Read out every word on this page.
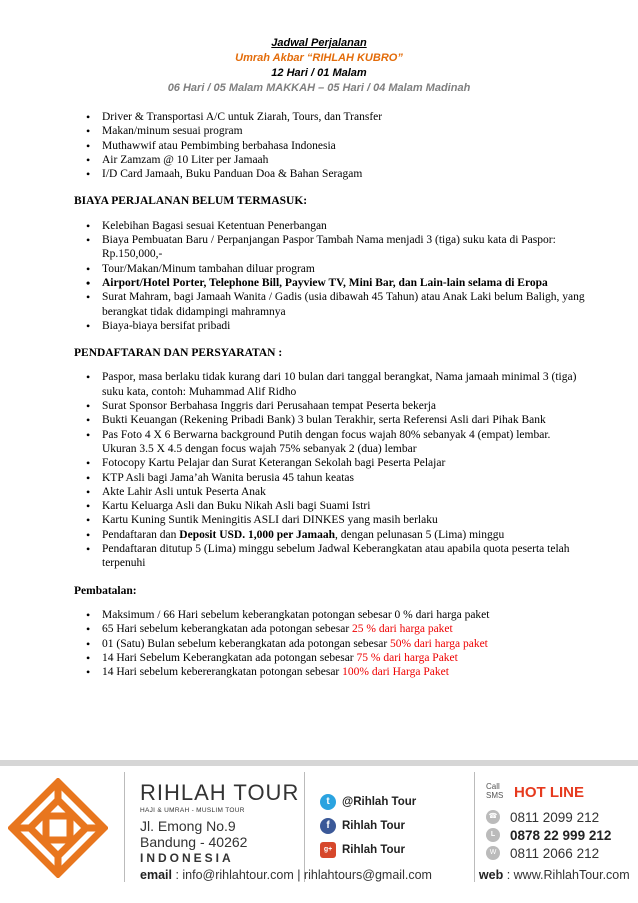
Jadwal Perjalanan
Umrah Akbar “RIHLAH KUBRO”
12 Hari / 01 Malam
06 Hari / 05 Malam MAKKAH – 05 Hari / 04 Malam Madinah
• Driver & Transportasi A/C untuk Ziarah, Tours, dan Transfer
• Makan/minum sesuai program
• Muthawwif atau Pembimbing berbahasa Indonesia
• Air Zamzam @ 10 Liter per Jamaah
• I/D Card Jamaah, Buku Panduan Doa & Bahan Seragam
BIAYA PERJALANAN BELUM TERMASUK:
• Kelebihan Bagasi sesuai Ketentuan Penerbangan
• Biaya Pembuatan Baru / Perpanjangan Paspor Tambah Nama menjadi 3 (tiga) suku kata di Paspor: Rp.150,000,-
• Tour/Makan/Minum tambahan diluar program
• Airport/Hotel Porter, Telephone Bill, Payview TV, Mini Bar, dan Lain-lain selama di Eropa
• Surat Mahram, bagi Jamaah Wanita / Gadis (usia dibawah 45 Tahun) atau Anak Laki belum Baligh, yang berangkat tidak didampingi mahramnya
• Biaya-biaya bersifat pribadi
PENDAFTARAN DAN PERSYARATAN :
• Paspor, masa berlaku tidak kurang dari 10 bulan dari tanggal berangkat, Nama jamaah minimal 3 (tiga) suku kata, contoh: Muhammad Alif Ridho
• Surat Sponsor Berbahasa Inggris dari Perusahaan tempat Peserta bekerja
• Bukti Keuangan (Rekening Pribadi Bank) 3 bulan Terakhir, serta Referensi Asli dari Pihak Bank
• Pas Foto 4 X 6 Berwarna background Putih dengan focus wajah 80% sebanyak 4 (empat) lembar. Ukuran 3.5 X 4.5 dengan focus wajah 75% sebanyak 2 (dua) lembar
• Fotocopy Kartu Pelajar dan Surat Keterangan Sekolah bagi Peserta Pelajar
• KTP Asli bagi Jama’ah Wanita berusia 45 tahun keatas
• Akte Lahir Asli untuk Peserta Anak
• Kartu Keluarga Asli dan Buku Nikah Asli bagi Suami Istri
• Kartu Kuning Suntik Meningitis ASLI dari DINKES yang masih berlaku
• Pendaftaran dan Deposit USD. 1,000 per Jamaah, dengan pelunasan 5 (Lima) minggu
• Pendaftaran ditutup 5 (Lima) minggu sebelum Jadwal Keberangkatan atau apabila quota peserta telah terpenuhi
Pembatalan:
• Maksimum / 66 Hari sebelum keberangkatan potongan sebesar 0 % dari harga paket
• 65 Hari sebelum keberangkatan ada potongan sebesar 25 % dari harga paket
• 01 (Satu) Bulan sebelum keberangkatan ada potongan sebesar 50% dari harga paket
• 14 Hari Sebelum Keberangkatan ada potongan sebesar 75 % dari harga Paket
• 14 Hari sebelum kebererangkatan potongan sebesar 100% dari Harga Paket
RIHLAH TOUR
HAJI & UMRAH - MUSLIM TOUR
Jl. Emong No.9
Bandung - 40262
INDONESIA
t	@Rihlah Tour
f	Rihlah Tour
g+ Rihlah Tour
Call SMS HOT LINE
☎ 0811 2099 212
L	0878 22 999 212
W 0811 2066 212
email : info@rihlahtour.com | rihlahtours@gmail.com	web : www.RihlahTour.com
